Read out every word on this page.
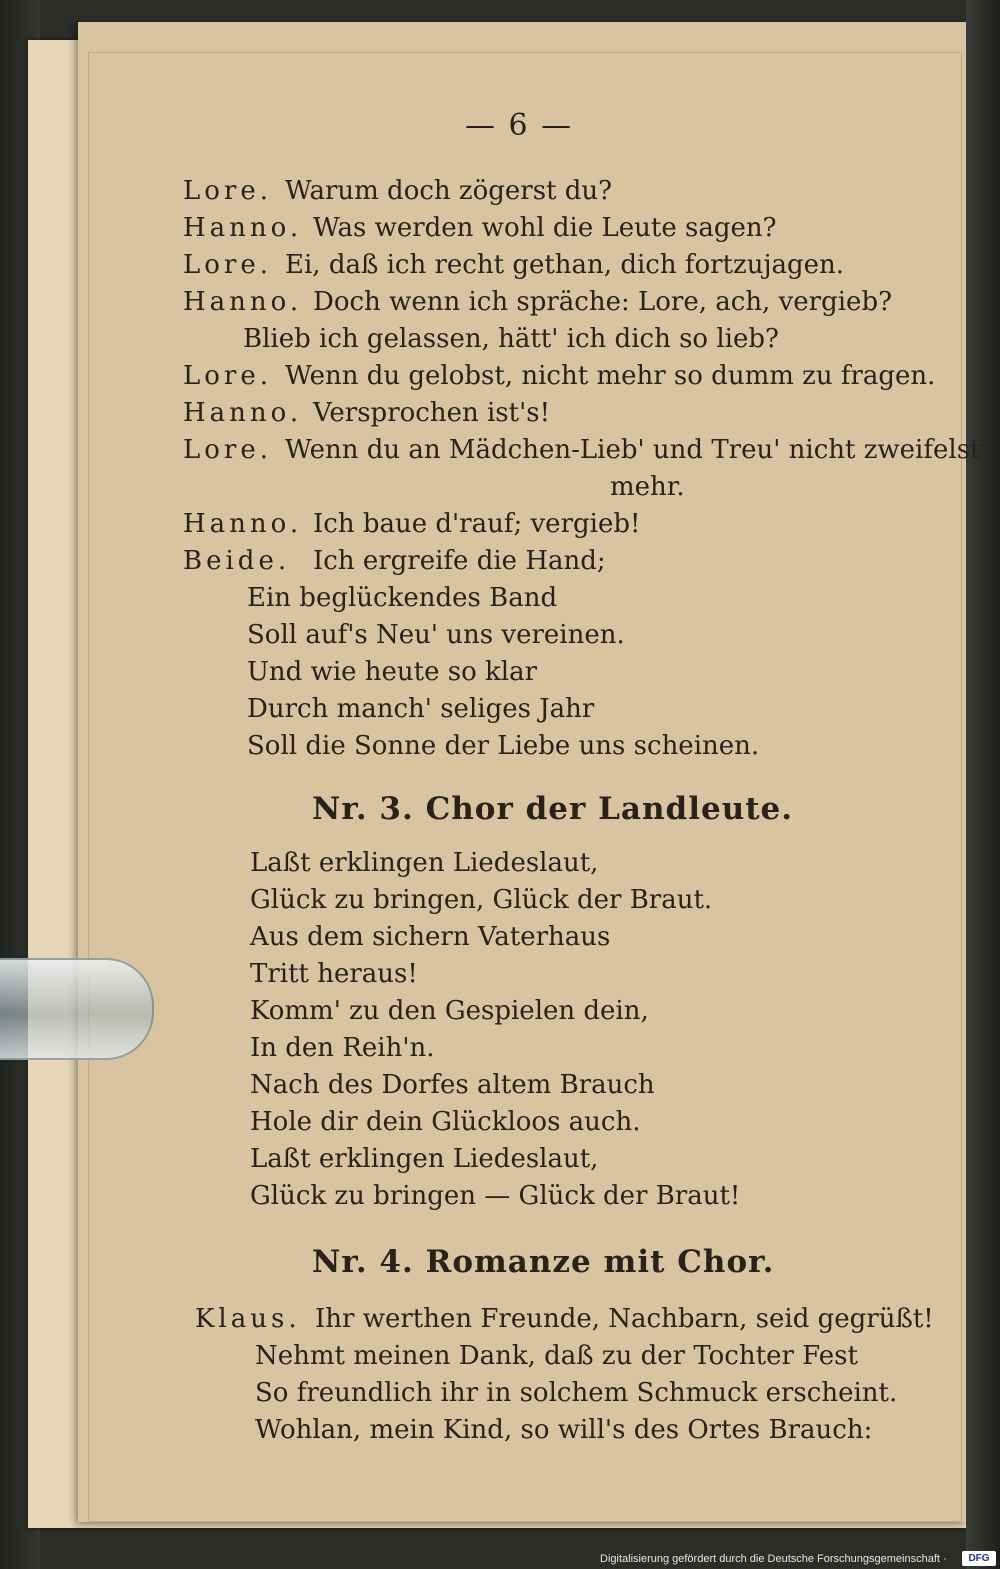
— 6 —
Lore. Warum doch zögerst du?
Hanno. Was werden wohl die Leute sagen?
Lore. Ei, daß ich recht gethan, dich fortzujagen.
Hanno. Doch wenn ich spräche: Lore, ach, vergieb?
Blieb ich gelassen, hätt' ich dich so lieb?
Lore. Wenn du gelobst, nicht mehr so dumm zu fragen.
Hanno. Versprochen ist's!
Lore. Wenn du an Mädchen-Lieb' und Treu' nicht zweifelst
mehr.
Hanno. Ich baue d'rauf; vergieb!
Beide. Ich ergreife die Hand;
Ein beglückendes Band
Soll auf's Neu' uns vereinen.
Und wie heute so klar
Durch manch' seliges Jahr
Soll die Sonne der Liebe uns scheinen.
Nr. 3. Chor der Landleute.
Laßt erklingen Liedeslaut,
Glück zu bringen, Glück der Braut.
Aus dem sichern Vaterhaus
Tritt heraus!
Komm' zu den Gespielen dein,
In den Reih'n.
Nach des Dorfes altem Brauch
Hole dir dein Glückloos auch.
Laßt erklingen Liedeslaut,
Glück zu bringen — Glück der Braut!
Nr. 4. Romanze mit Chor.
Klaus. Ihr werthen Freunde, Nachbarn, seid gegrüßt!
Nehmt meinen Dank, daß zu der Tochter Fest
So freundlich ihr in solchem Schmuck erscheint.
Wohlan, mein Kind, so will's des Ortes Brauch:
Digitalisierung gefördert durch die Deutsche Forschungsgemeinschaft ·	DFG
